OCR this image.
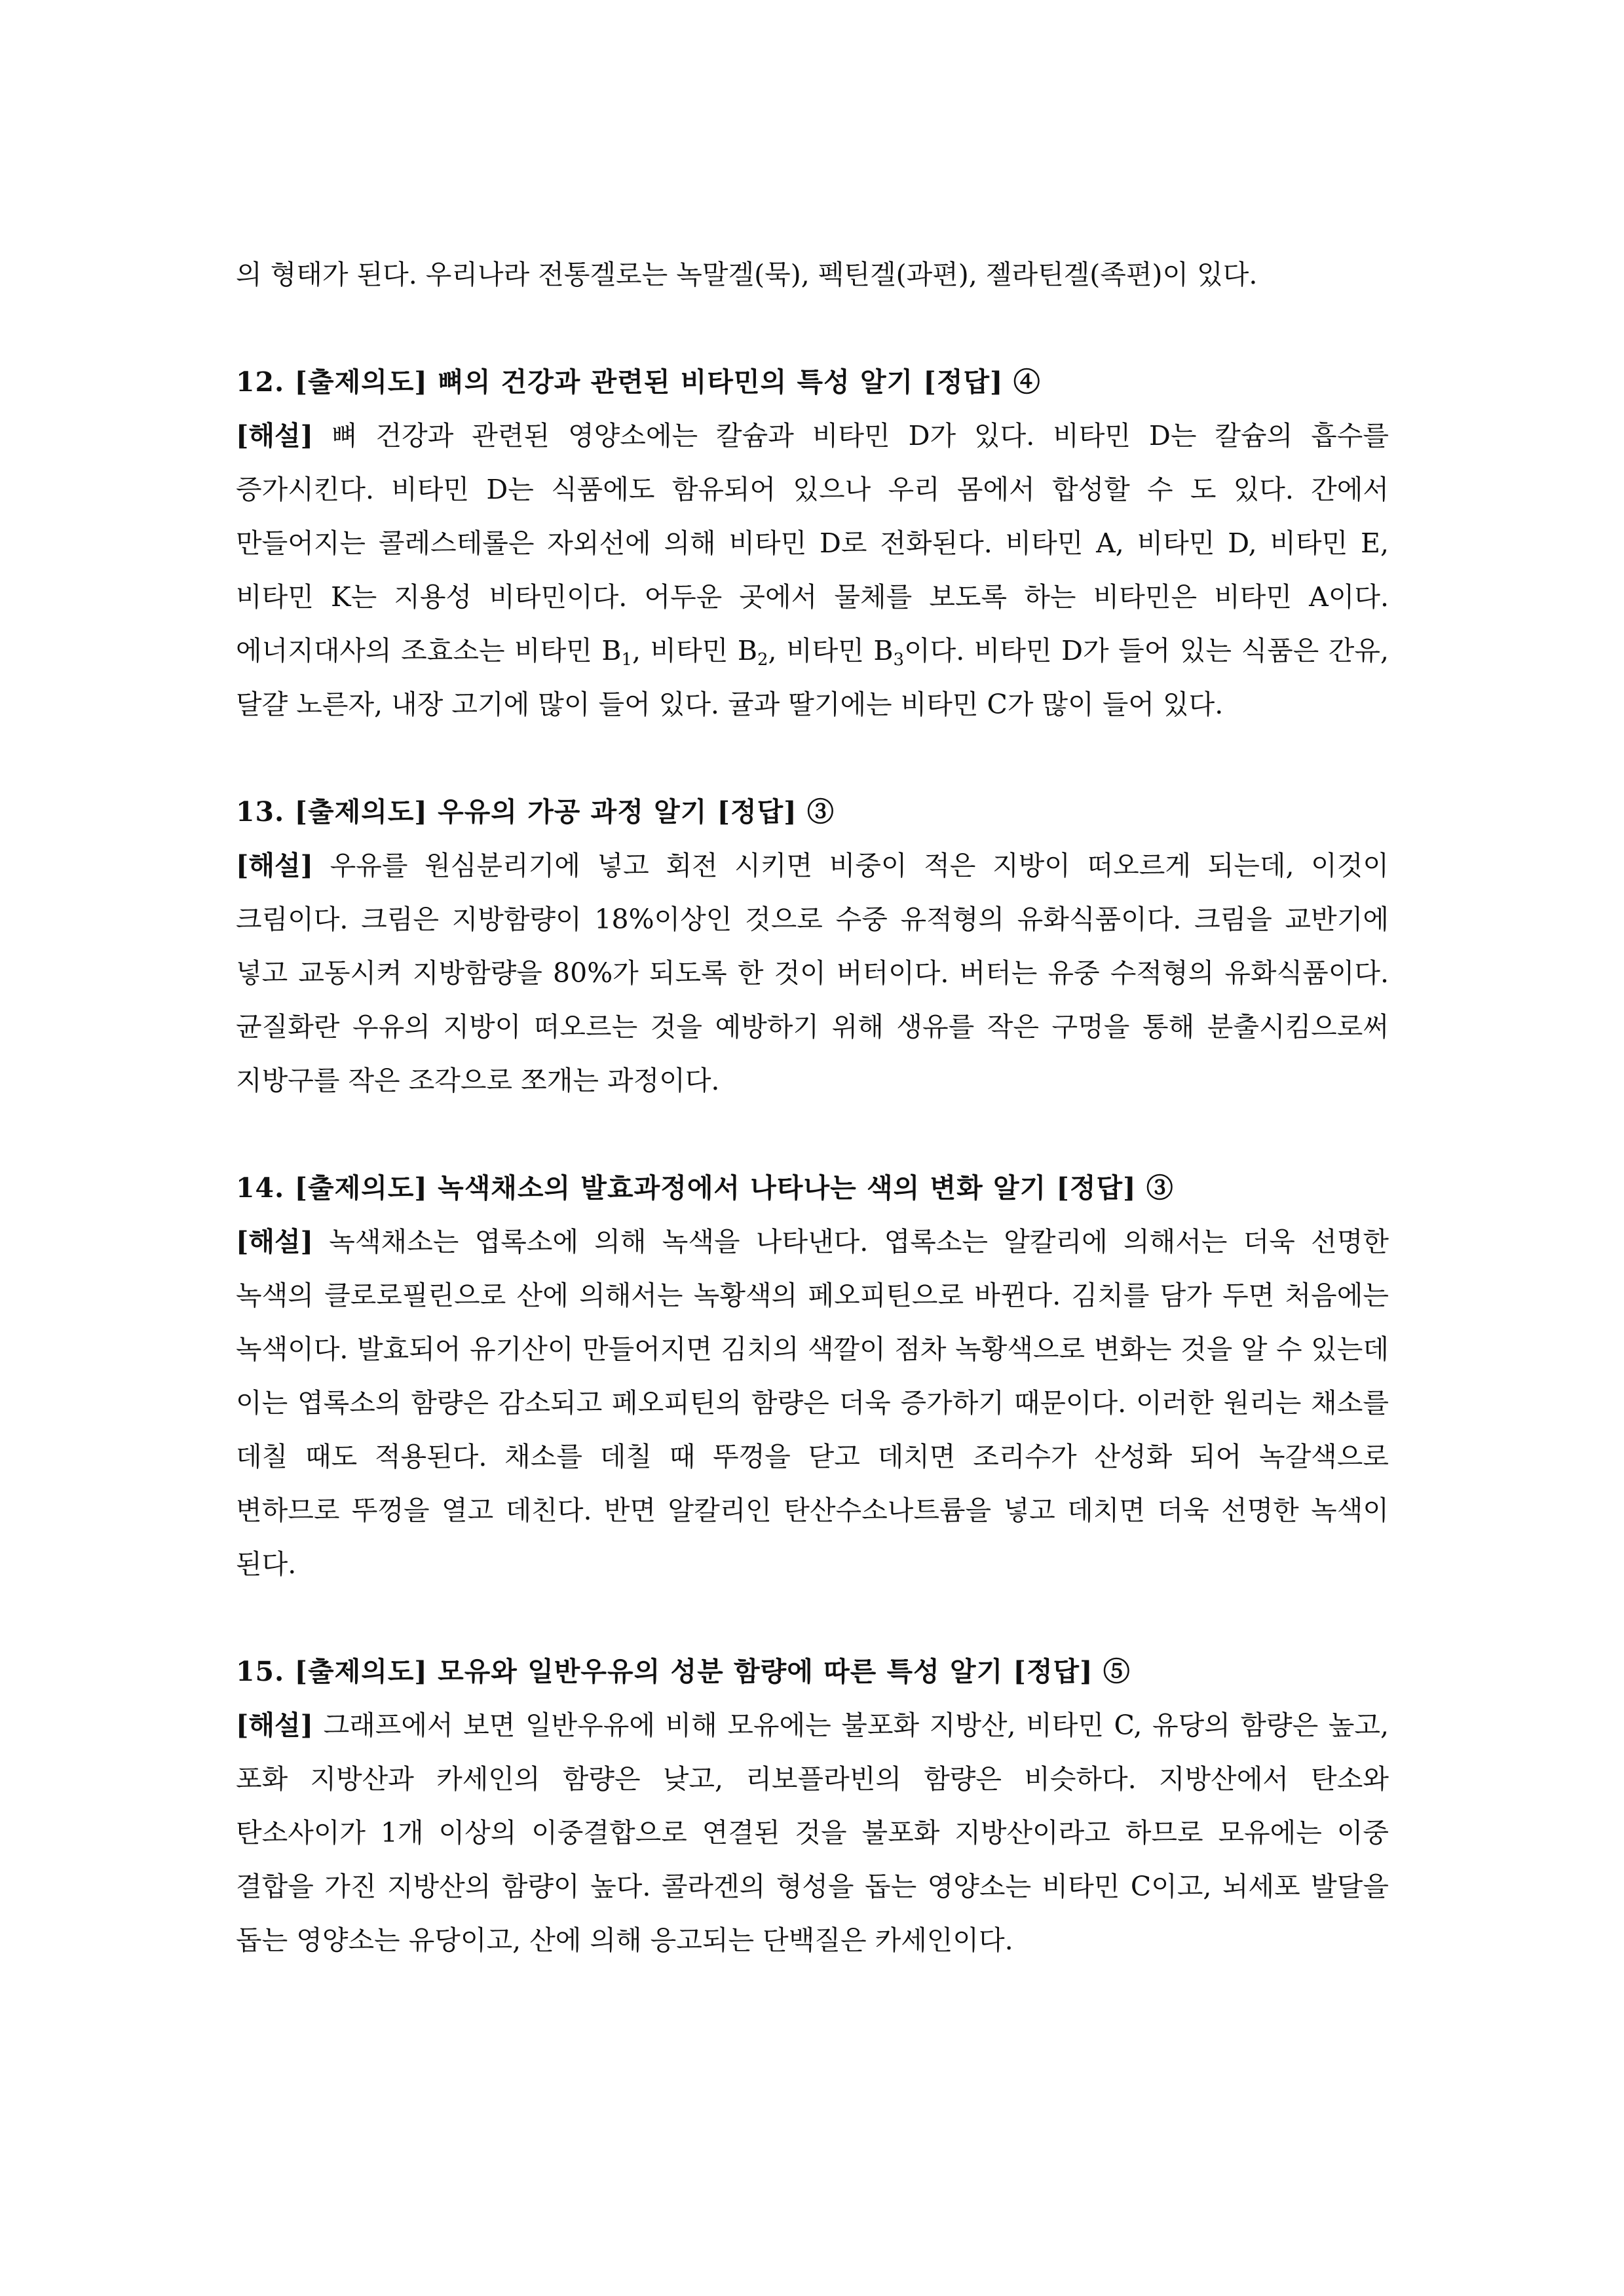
의 형태가 된다. 우리나라 전통겔로는 녹말겔(묵), 펙틴겔(과편), 젤라틴겔(족편)이 있다.

12. [출제의도] 뼈의 건강과 관련된 비타민의 특성 알기 [정답] ④

[해설] 뼈 건강과 관련된 영양소에는 칼슘과 비타민 D가 있다. 비타민 D는 칼슘의 흡수를 증가시킨다. 비타민 D는 식품에도 함유되어 있으나 우리 몸에서 합성할 수 도 있다. 간에서 만들어지는 콜레스테롤은 자외선에 의해 비타민 D로 전화된다. 비타민 A, 비타민 D, 비타민 E, 비타민 K는 지용성 비타민이다. 어두운 곳에서 물체를 보도록 하는 비타민은 비타민 A이다. 에너지대사의 조효소는 비타민 $B_1$, 비타민 $B_2$, 비타민 $B_3$이다. 비타민 D가 들어 있는 식품은 간유, 달걀 노른자, 내장 고기에 많이 들어 있다. 귤과 딸기에는 비타민 C가 많이 들어 있다.

13. [출제의도] 우유의 가공 과정 알기 [정답] ③

[해설] 우유를 원심분리기에 넣고 회전 시키면 비중이 적은 지방이 떠오르게 되는데, 이것이 크림이다. 크림은 지방함량이 18%이상인 것으로 수중 유적형의 유화식품이다. 크림을 교반기에 넣고 교동시켜 지방함량을 80%가 되도록 한 것이 버터이다. 버터는 유중 수적형의 유화식품이다. 균질화란 우유의 지방이 떠오르는 것을 예방하기 위해 생유를 작은 구멍을 통해 분출시킴으로써 지방구를 작은 조각으로 쪼개는 과정이다.

14. [출제의도] 녹색채소의 발효과정에서 나타나는 색의 변화 알기 [정답] ③

[해설] 녹색채소는 엽록소에 의해 녹색을 나타낸다. 엽록소는 알칼리에 의해서는 더욱 선명한 녹색의 클로로필린으로 산에 의해서는 녹황색의 페오피틴으로 바뀐다. 김치를 담가 두면 처음에는 녹색이다. 발효되어 유기산이 만들어지면 김치의 색깔이 점차 녹황색으로 변화는 것을 알 수 있는데 이는 엽록소의 함량은 감소되고 페오피틴의 함량은 더욱 증가하기 때문이다. 이러한 원리는 채소를 데칠 때도 적용된다. 채소를 데칠 때 뚜껑을 닫고 데치면 조리수가 산성화 되어 녹갈색으로 변하므로 뚜껑을 열고 데친다. 반면 알칼리인 탄산수소나트륨을 넣고 데치면 더욱 선명한 녹색이 된다.

15. [출제의도] 모유와 일반우유의 성분 함량에 따른 특성 알기 [정답] ⑤

[해설] 그래프에서 보면 일반우유에 비해 모유에는 불포화 지방산, 비타민 C, 유당의 함량은 높고, 포화 지방산과 카세인의 함량은 낮고, 리보플라빈의 함량은 비슷하다. 지방산에서 탄소와 탄소사이가 1개 이상의 이중결합으로 연결된 것을 불포화 지방산이라고 하므로 모유에는 이중 결합을 가진 지방산의 함량이 높다. 콜라겐의 형성을 돕는 영양소는 비타민 C이고, 뇌세포 발달을 돕는 영양소는 유당이고, 산에 의해 응고되는 단백질은 카세인이다.
